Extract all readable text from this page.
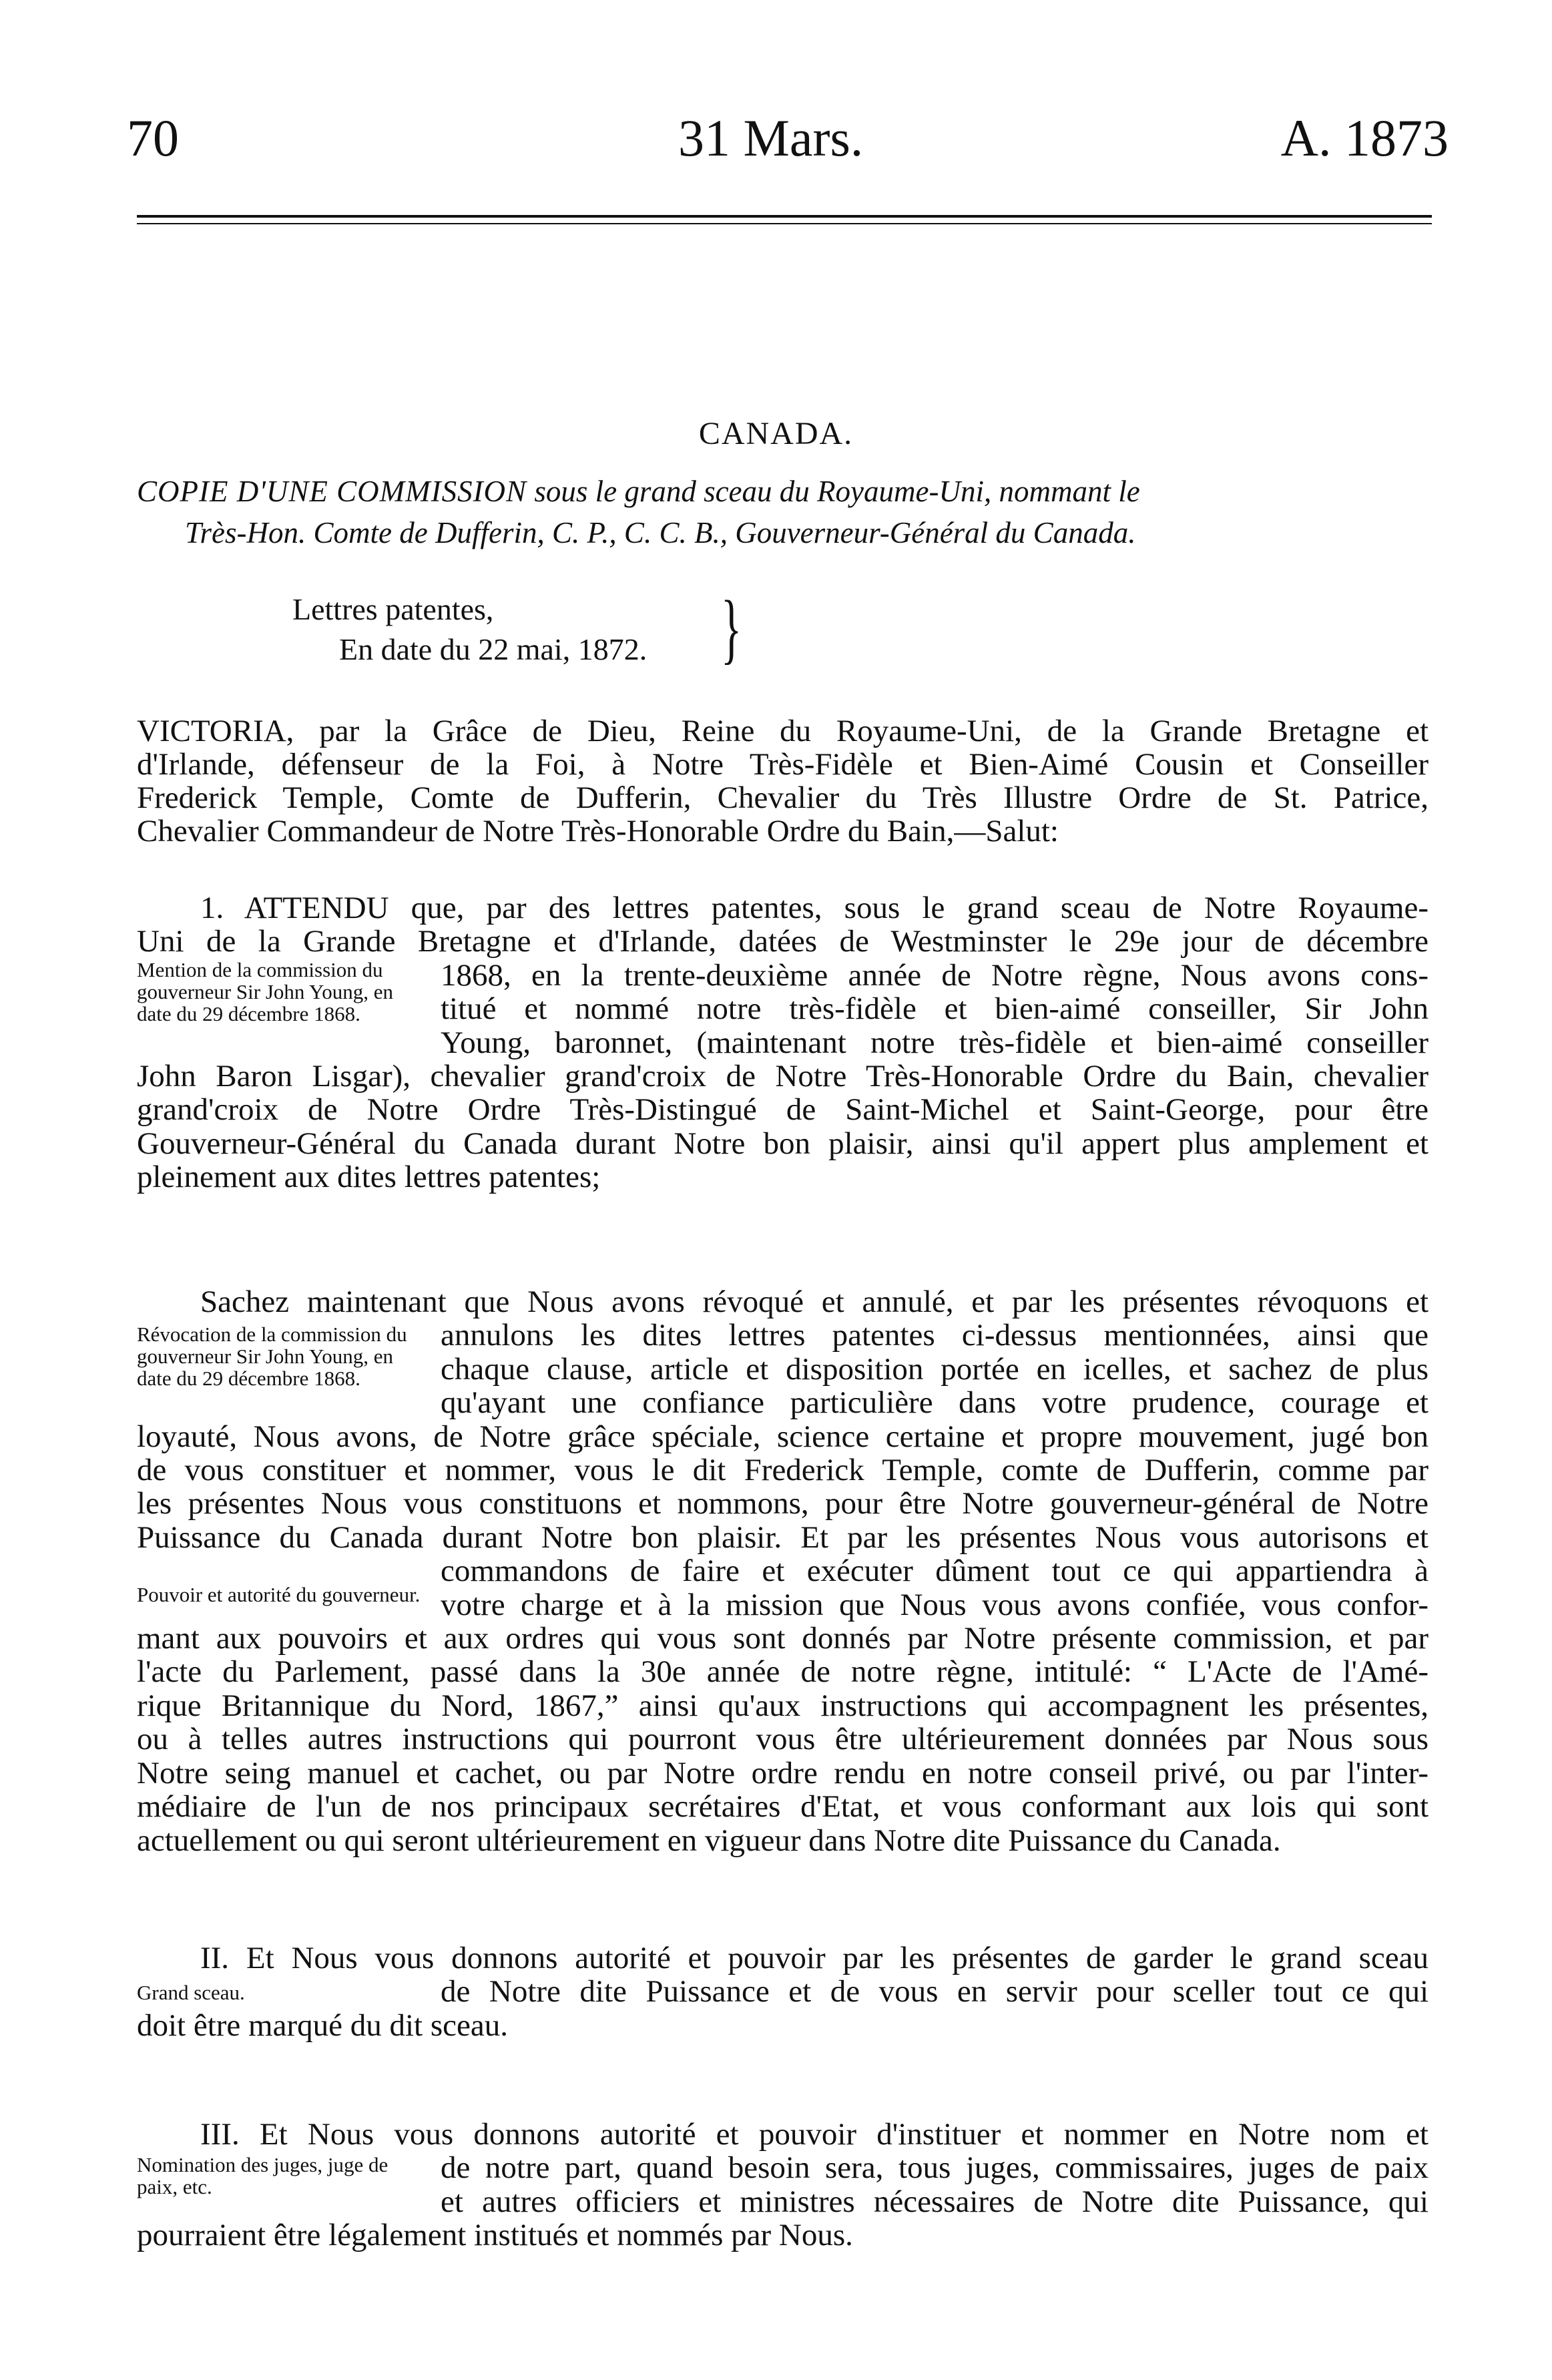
70	31 Mars.	A. 1873
CANADA.
COPIE D'UNE COMMISSION sous le grand sceau du Royaume-Uni, nommant le
Très-Hon. Comte de Dufferin, C. P., C. C. B., Gouverneur-Général du Canada.
Lettres patentes,
En date du 22 mai, 1872. }
VICTORIA, par la Grâce de Dieu, Reine du Royaume-Uni, de la Grande Bretagne et
d'Irlande, défenseur de la Foi, à Notre Très-Fidèle et Bien-Aimé Cousin et Conseiller
Frederick Temple, Comte de Dufferin, Chevalier du Très Illustre Ordre de St. Patrice,
Chevalier Commandeur de Notre Très-Honorable Ordre du Bain,—Salut:
Mention de la commission du gouverneur Sir John Young, en date du 29 décembre 1868.
1. ATTENDU que, par des lettres patentes, sous le grand sceau de Notre Royaume-
Uni de la Grande Bretagne et d'Irlande, datées de Westminster le 29e jour de décembre
1868, en la trente-deuxième année de Notre règne, Nous avons cons-
titué et nommé notre très-fidèle et bien-aimé conseiller, Sir John
Young, baronnet, (maintenant notre très-fidèle et bien-aimé conseiller
John Baron Lisgar), chevalier grand'croix de Notre Très-Honorable Ordre du Bain, chevalier
grand'croix de Notre Ordre Très-Distingué de Saint-Michel et Saint-George, pour être
Gouverneur-Général du Canada durant Notre bon plaisir, ainsi qu'il appert plus amplement et
pleinement aux dites lettres patentes;
Révocation de la commission du gouverneur Sir John Young, en date du 29 décembre 1868.
Pouvoir et autorité du gouverneur.
Sachez maintenant que Nous avons révoqué et annulé, et par les présentes révoquons et
annulons les dites lettres patentes ci-dessus mentionnées, ainsi que
chaque clause, article et disposition portée en icelles, et sachez de plus
qu'ayant une confiance particulière dans votre prudence, courage et
loyauté, Nous avons, de Notre grâce spéciale, science certaine et propre mouvement, jugé bon
de vous constituer et nommer, vous le dit Frederick Temple, comte de Dufferin, comme par
les présentes Nous vous constituons et nommons, pour être Notre gouverneur-général de Notre
Puissance du Canada durant Notre bon plaisir. Et par les présentes Nous vous autorisons et
commandons de faire et exécuter dûment tout ce qui appartiendra à
votre charge et à la mission que Nous vous avons confiée, vous confor-
mant aux pouvoirs et aux ordres qui vous sont donnés par Notre présente commission, et par
l'acte du Parlement, passé dans la 30e année de notre règne, intitulé: “ L'Acte de l'Amé-
rique Britannique du Nord, 1867,” ainsi qu'aux instructions qui accompagnent les présentes,
ou à telles autres instructions qui pourront vous être ultérieurement données par Nous sous
Notre seing manuel et cachet, ou par Notre ordre rendu en notre conseil privé, ou par l'inter-
médiaire de l'un de nos principaux secrétaires d'Etat, et vous conformant aux lois qui sont
actuellement ou qui seront ultérieurement en vigueur dans Notre dite Puissance du Canada.
Grand sceau.
II. Et Nous vous donnons autorité et pouvoir par les présentes de garder le grand sceau
de Notre dite Puissance et de vous en servir pour sceller tout ce qui
doit être marqué du dit sceau.
Nomination des juges, juge de paix, etc.
III. Et Nous vous donnons autorité et pouvoir d'instituer et nommer en Notre nom et
de notre part, quand besoin sera, tous juges, commissaires, juges de paix
et autres officiers et ministres nécessaires de Notre dite Puissance, qui
pourraient être légalement institués et nommés par Nous.
